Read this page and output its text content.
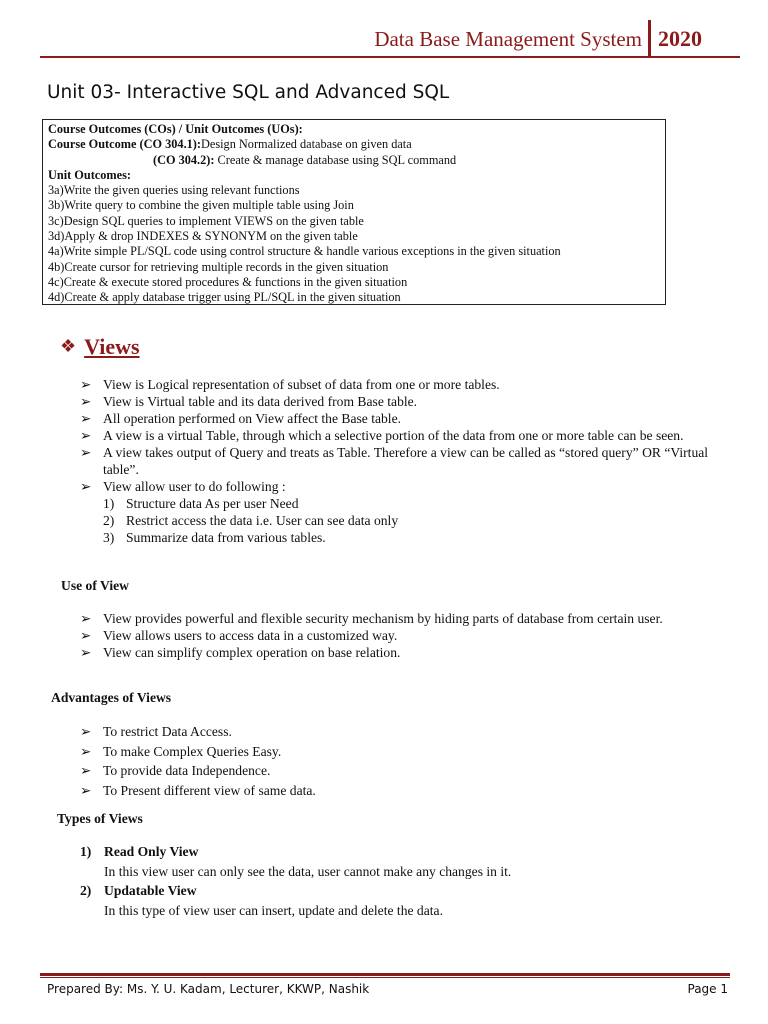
Data Base Management System 2020
Unit 03- Interactive SQL and Advanced SQL
Course Outcomes (COs) / Unit Outcomes (UOs):
Course Outcome (CO 304.1):Design Normalized database on given data
(CO 304.2): Create & manage database using SQL command
Unit Outcomes:
3a)Write the given queries using relevant functions
3b)Write query to combine the given multiple table using Join
3c)Design SQL queries to implement VIEWS on the given table
3d)Apply & drop INDEXES & SYNONYM on the given table
4a)Write simple PL/SQL code using control structure & handle various exceptions in the given situation
4b)Create cursor for retrieving multiple records in the given situation
4c)Create & execute stored procedures & functions in the given situation
4d)Create & apply database trigger using PL/SQL in the given situation
❖ Views
➢ View is Logical representation of subset of data from one or more tables.
➢ View is Virtual table and its data derived from Base table.
➢ All operation performed on View affect the Base table.
➢ A view is a virtual Table, through which a selective portion of the data from one or more table can be seen.
➢ A view takes output of Query and treats as Table. Therefore a view can be called as “stored query” OR “Virtual table”.
➢ View allow user to do following :
1) Structure data As per user Need
2) Restrict access the data i.e. User can see data only
3) Summarize data from various tables.
Use of View
➢ View provides powerful and flexible security mechanism by hiding parts of database from certain user.
➢ View allows users to access data in a customized way.
➢ View can simplify complex operation on base relation.
Advantages of Views
➢ To restrict Data Access.
➢ To make Complex Queries Easy.
➢ To provide data Independence.
➢ To Present different view of same data.
Types of Views
1) Read Only View
In this view user can only see the data, user cannot make any changes in it.
2) Updatable View
In this type of view user can insert, update and delete the data.
Prepared By: Ms. Y. U. Kadam, Lecturer, KKWP, Nashik	Page 1
